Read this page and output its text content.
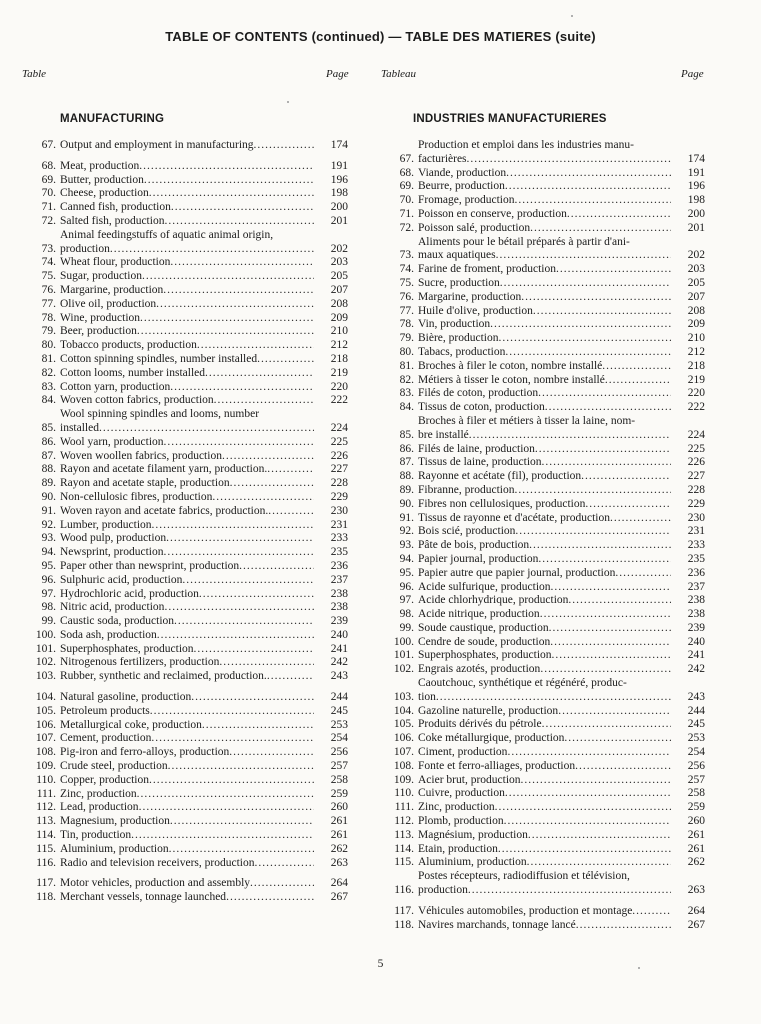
TABLE OF CONTENTS (continued) — TABLE DES MATIERES (suite)
Table	Page	Tableau	Page
MANUFACTURING	INDUSTRIES MANUFACTURIERES
67. Output and employment in manufacturing .....	174
68. Meat, production .....	191
69. Butter, production .....	196
70. Cheese, production .....	198
71. Canned fish, production .....	200
72. Salted fish, production .....	201
73.
Animal feedingstuffs of aquatic animal origin,
production .....	202
74. Wheat flour, production .....	203
75. Sugar, production .....	205
76. Margarine, production .....	207
77. Olive oil, production .....	208
78. Wine, production .....	209
79. Beer, production .....	210
80. Tobacco products, production .....	212
81. Cotton spinning spindles, number installed .....	218
82. Cotton looms, number installed .....	219
83. Cotton yarn, production .....	220
84. Woven cotton fabrics, production .....	222
85.
Wool spinning spindles and looms, number
installed .....	224
86. Wool yarn, production .....	225
87. Woven woollen fabrics, production .....	226
88. Rayon and acetate filament yarn, production. .....	227
89. Rayon and acetate staple, production .....	228
90. Non-cellulosic fibres, production .....	229
91. Woven rayon and acetate fabrics, production. .....	230
92. Lumber, production .....	231
93. Wood pulp, production .....	233
94. Newsprint, production .....	235
95. Paper other than newsprint, production .....	236
96. Sulphuric acid, production .....	237
97. Hydrochloric acid, production .....	238
98. Nitric acid, production .....	238
99. Caustic soda, production .....	239
100. Soda ash, production .....	240
101. Superphosphates, production .....	241
102. Nitrogenous fertilizers, production .....	242
103. Rubber, synthetic and reclaimed, production. .....	243
104. Natural gasoline, production .....	244
105. Petroleum products .....	245
106. Metallurgical coke, production .....	253
107. Cement, production .....	254
108. Pig-iron and ferro-alloys, production .....	256
109. Crude steel, production .....	257
110. Copper, production .....	258
111. Zinc, production .....	259
112. Lead, production .....	260
113. Magnesium, production .....	261
114. Tin, production .....	261
115. Aluminium, production .....	262
116. Radio and television receivers, production .....	263
117. Motor vehicles, production and assembly .....	264
118. Merchant vessels, tonnage launched .....	267
67.
Production et emploi dans les industries manu-
facturières .....	174
68. Viande, production .....	191
69. Beurre, production .....	196
70. Fromage, production .....	198
71. Poisson en conserve, production .....	200
72. Poisson salé, production .....	201
73.
Aliments pour le bétail préparés à partir d'ani-
maux aquatiques .....	202
74. Farine de froment, production .....	203
75. Sucre, production .....	205
76. Margarine, production .....	207
77. Huile d'olive, production .....	208
78. Vin, production .....	209
79. Bière, production .....	210
80. Tabacs, production .....	212
81. Broches à filer le coton, nombre installé .....	218
82. Métiers à tisser le coton, nombre installé .....	219
83. Filés de coton, production .....	220
84. Tissus de coton, production .....	222
85.
Broches à filer et métiers à tisser la laine, nom-
bre installé .....	224
86. Filés de laine, production .....	225
87. Tissus de laine, production .....	226
88. Rayonne et acétate (fil), production .....	227
89. Fibranne, production .....	228
90. Fibres non cellulosiques, production .....	229
91. Tissus de rayonne et d'acétate, production .....	230
92. Bois scié, production .....	231
93. Pâte de bois, production .....	233
94. Papier journal, production .....	235
95. Papier autre que papier journal, production .....	236
96. Acide sulfurique, production .....	237
97. Acide chlorhydrique, production .....	238
98. Acide nitrique, production .....	238
99. Soude caustique, production .....	239
100. Cendre de soude, production .....	240
101. Superphosphates, production .....	241
102. Engrais azotés, production .....	242
103.
Caoutchouc, synthétique et régénéré, produc-
tion .....	243
104. Gazoline naturelle, production .....	244
105. Produits dérivés du pétrole .....	245
106. Coke métallurgique, production .....	253
107. Ciment, production .....	254
108. Fonte et ferro-alliages, production .....	256
109. Acier brut, production .....	257
110. Cuivre, production .....	258
111. Zinc, production .....	259
112. Plomb, production .....	260
113. Magnésium, production .....	261
114. Etain, production .....	261
115. Aluminium, production .....	262
116.
Postes récepteurs, radiodiffusion et télévision,
production .....	263
117. Véhicules automobiles, production et montage .....	264
118. Navires marchands, tonnage lancé .....	267
5
